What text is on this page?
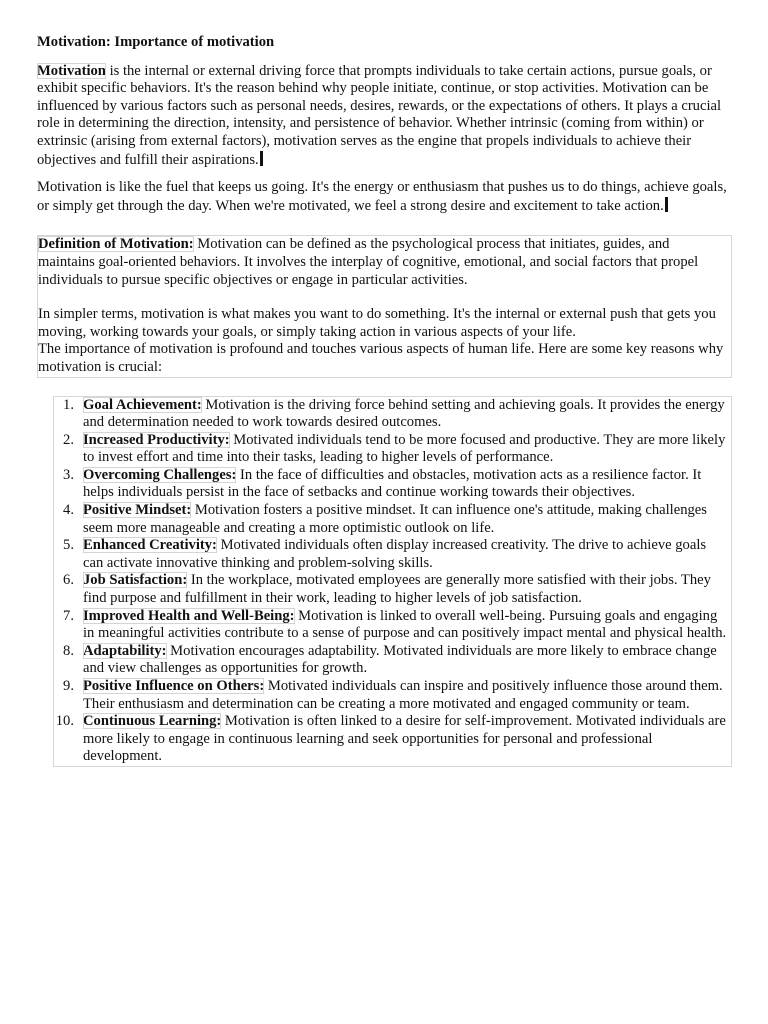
Motivation: Importance of motivation

Motivation is the internal or external driving force that prompts individuals to take certain actions, pursue goals, or exhibit specific behaviors. It's the reason behind why people initiate, continue, or stop activities. Motivation can be influenced by various factors such as personal needs, desires, rewards, or the expectations of others. It plays a crucial role in determining the direction, intensity, and persistence of behavior. Whether intrinsic (coming from within) or extrinsic (arising from external factors), motivation serves as the engine that propels individuals to achieve their objectives and fulfill their aspirations.

Motivation is like the fuel that keeps us going. It's the energy or enthusiasm that pushes us to do things, achieve goals, or simply get through the day. When we're motivated, we feel a strong desire and excitement to take action.

Definition of Motivation: Motivation can be defined as the psychological process that initiates, guides, and maintains goal-oriented behaviors. It involves the interplay of cognitive, emotional, and social factors that propel individuals to pursue specific objectives or engage in particular activities.
In simpler terms, motivation is what makes you want to do something. It's the internal or external push that gets you moving, working towards your goals, or simply taking action in various aspects of your life.
The importance of motivation is profound and touches various aspects of human life. Here are some key reasons why motivation is crucial:
1. Goal Achievement: Motivation is the driving force behind setting and achieving goals. It provides the energy and determination needed to work towards desired outcomes.
2. Increased Productivity: Motivated individuals tend to be more focused and productive. They are more likely to invest effort and time into their tasks, leading to higher levels of performance.
3. Overcoming Challenges: In the face of difficulties and obstacles, motivation acts as a resilience factor. It helps individuals persist in the face of setbacks and continue working towards their objectives.
4. Positive Mindset: Motivation fosters a positive mindset. It can influence one's attitude, making challenges seem more manageable and creating a more optimistic outlook on life.
5. Enhanced Creativity: Motivated individuals often display increased creativity. The drive to achieve goals can activate innovative thinking and problem-solving skills.
6. Job Satisfaction: In the workplace, motivated employees are generally more satisfied with their jobs. They find purpose and fulfillment in their work, leading to higher levels of job satisfaction.
7. Improved Health and Well-Being: Motivation is linked to overall well-being. Pursuing goals and engaging in meaningful activities contribute to a sense of purpose and can positively impact mental and physical health.
8. Adaptability: Motivation encourages adaptability. Motivated individuals are more likely to embrace change and view challenges as opportunities for growth.
9. Positive Influence on Others: Motivated individuals can inspire and positively influence those around them. Their enthusiasm and determination can be creating a more motivated and engaged community or team.
10. Continuous Learning: Motivation is often linked to a desire for self-improvement. Motivated individuals are more likely to engage in continuous learning and seek opportunities for personal and professional development.
